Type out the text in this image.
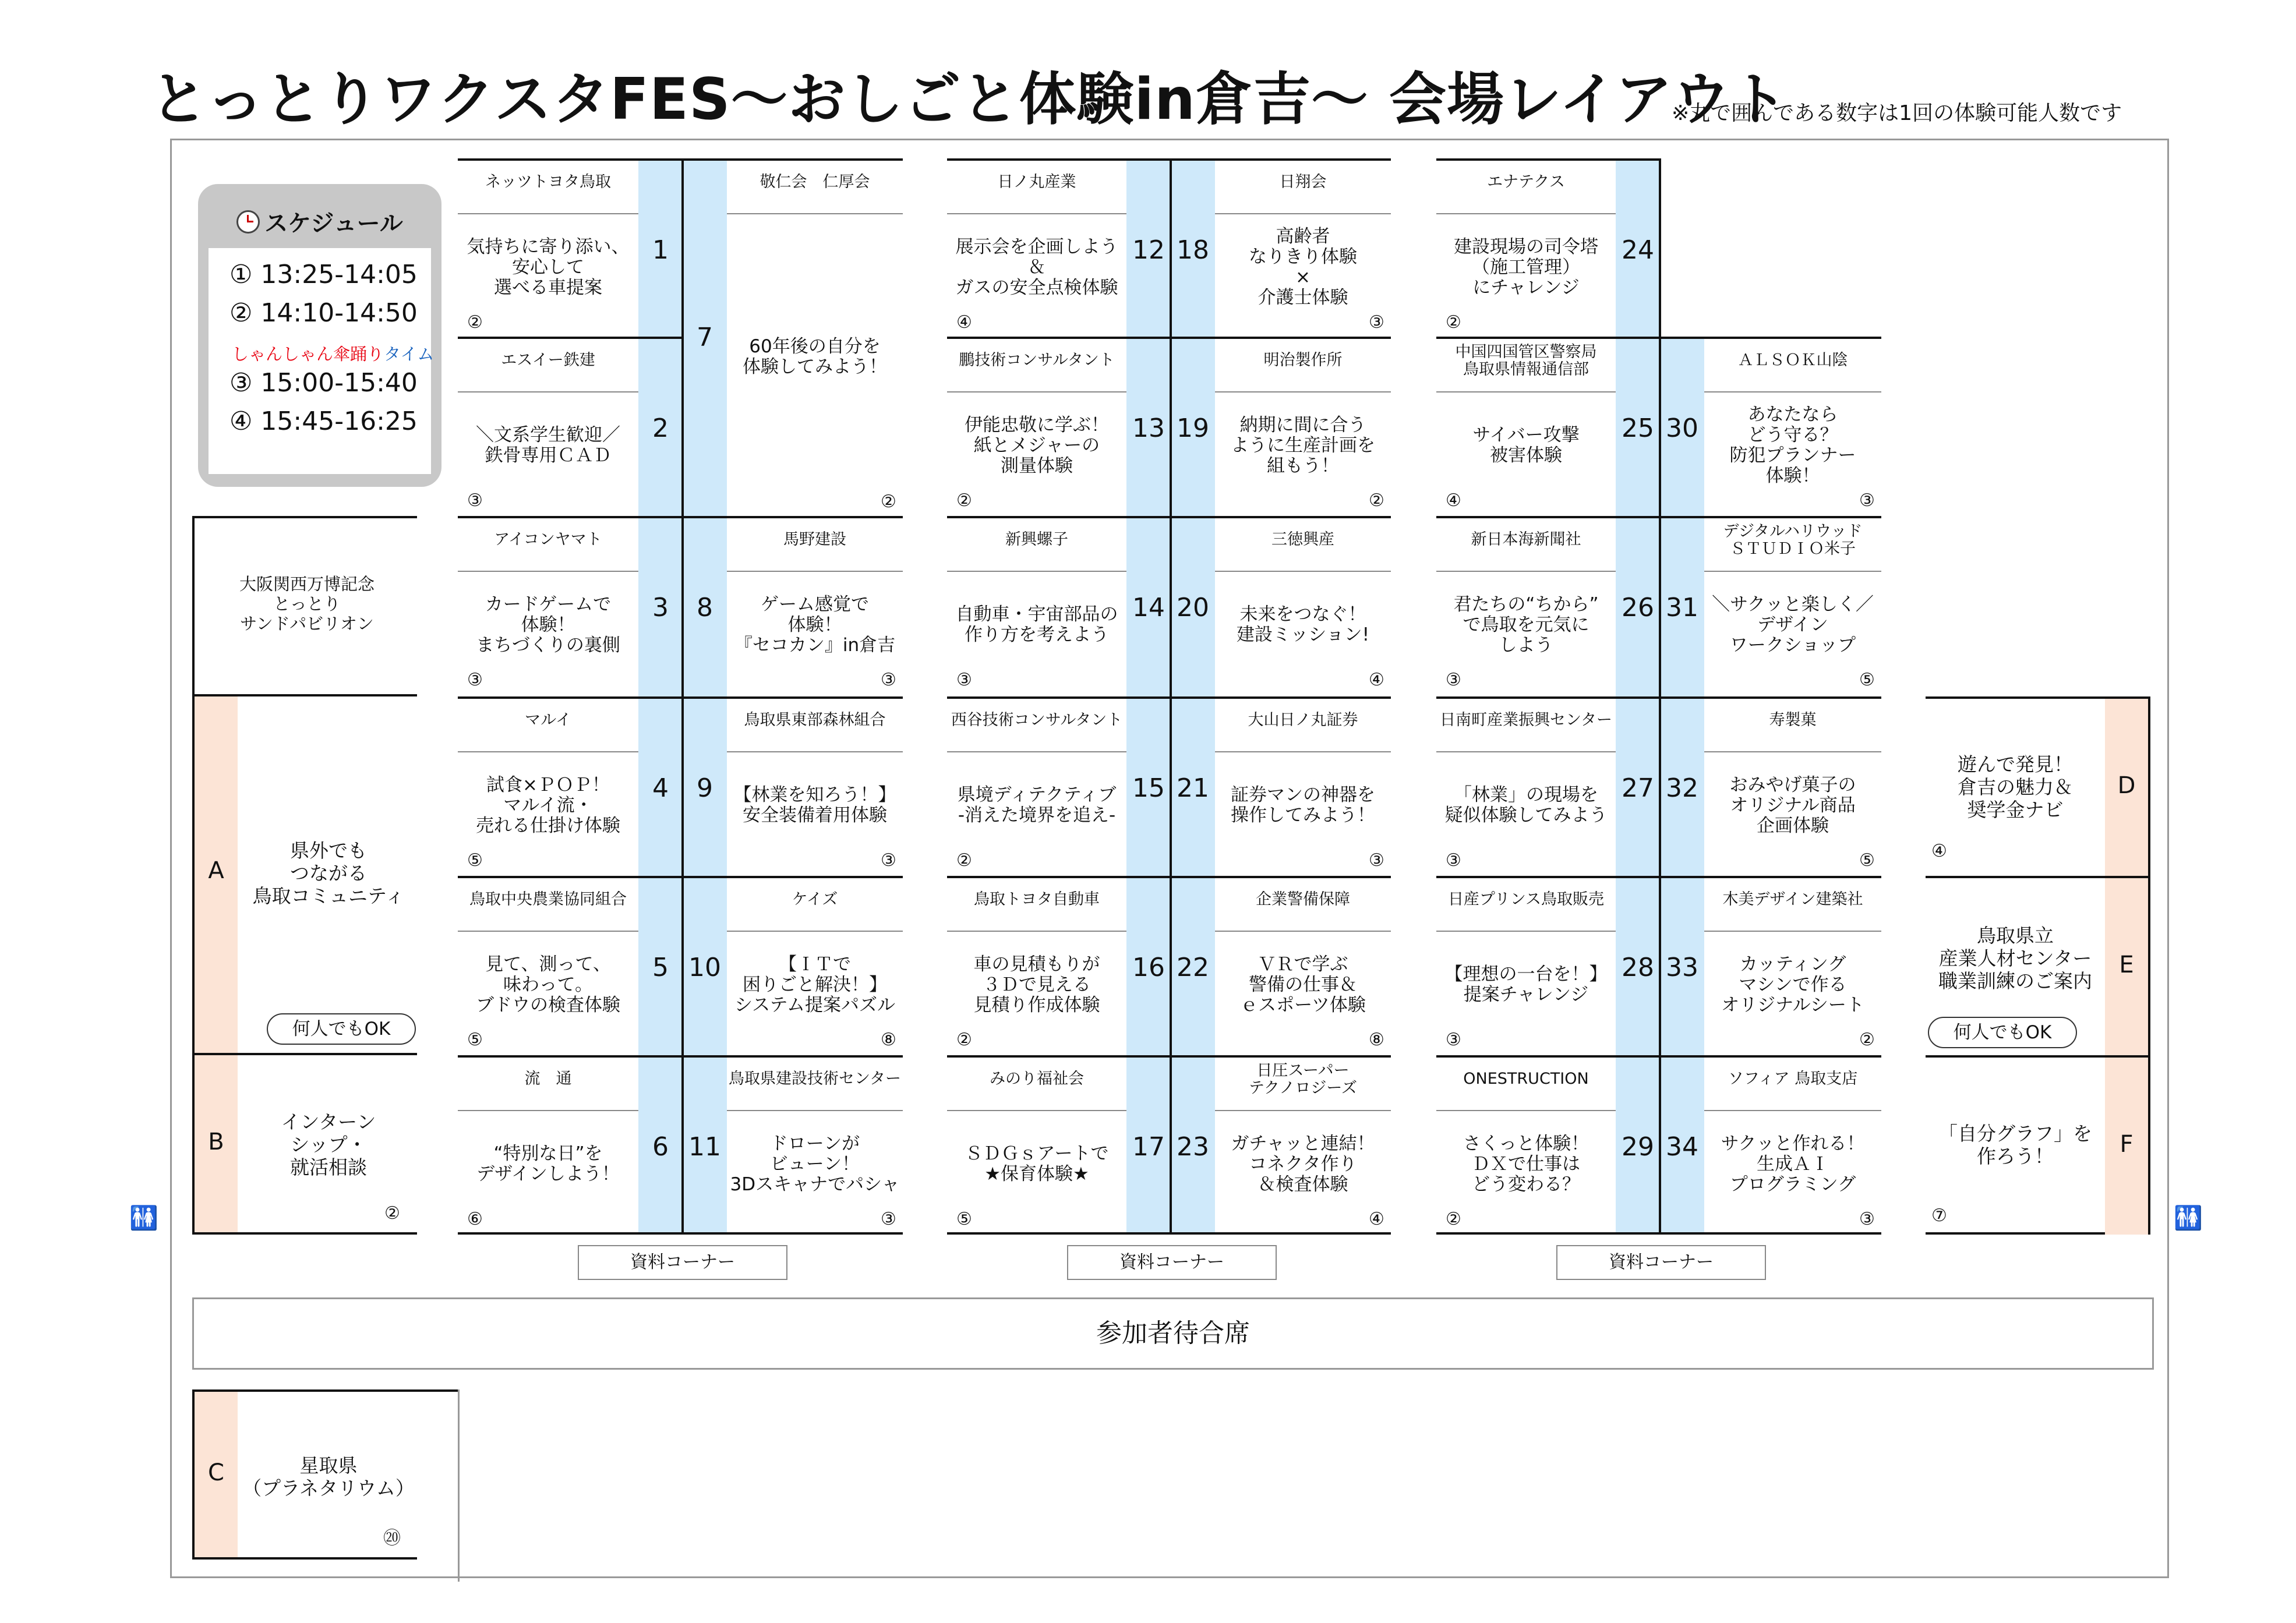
とっとりワクスタFES～おしごと体験in倉吉～ 会場レイアウト
※丸で囲んである数字は1回の体験可能人数です
スケジュール
① 13:25-14:05
② 14:10-14:50
しゃんしゃん傘踊りタイム
③ 15:00-15:40
④ 15:45-16:25
ネッツトヨタ鳥取
気持ちに寄り添い、
安心して
選べる車提案
②
1
エスイー鉄建
＼文系学生歓迎／
鉄骨専用ＣＡＤ
③
2
アイコンヤマト
カードゲームで
体験！
まちづくりの裏側
③
3
マルイ
試食×ＰＯＰ！
マルイ流・
売れる仕掛け体験
⑤
4
鳥取中央農業協同組合
見て、測って、
味わって。
ブドウの検査体験
⑤
5
流　通
“特別な日”を
デザインしよう！
⑥
6
敬仁会　仁厚会
60年後の自分を
体験してみよう！
②
7
馬野建設
ゲーム感覚で
体験！
『セコカン』in倉吉
③
8
鳥取県東部森林組合
【林業を知ろう！】
安全装備着用体験
③
9
ケイズ
【ＩＴで
困りごと解決！】
システム提案パズル
⑧
10
鳥取県建設技術センター
ドローンが
ビューン！
3Dスキャナでパシャ
③
11
日ノ丸産業
展示会を企画しよう
＆
ガスの安全点検体験
④
12
鵬技術コンサルタント
伊能忠敬に学ぶ！
紙とメジャーの
測量体験
②
13
新興螺子
自動車・宇宙部品の
作り方を考えよう
③
14
西谷技術コンサルタント
県境ディテクティブ
-消えた境界を追え-
②
15
鳥取トヨタ自動車
車の見積もりが
３Ｄで見える
見積り作成体験
②
16
みのり福祉会
ＳＤＧｓアートで
★保育体験★
⑤
17
日翔会
高齢者
なりきり体験
×
介護士体験
③
18
明治製作所
納期に間に合う
ように生産計画を
組もう！
②
19
三徳興産
未来をつなぐ！
建設ミッション!
④
20
大山日ノ丸証券
証券マンの神器を
操作してみよう！
③
21
企業警備保障
ＶＲで学ぶ
警備の仕事＆
ｅスポーツ体験
⑧
22
日圧スーパー
テクノロジーズ
ガチャッと連結！
コネクタ作り
＆検査体験
④
23
エナテクス
建設現場の司令塔
（施工管理）
にチャレンジ
②
24
中国四国管区警察局
鳥取県情報通信部
サイバー攻撃
被害体験
④
25
新日本海新聞社
君たちの“ちから”
で鳥取を元気に
しよう
③
26
日南町産業振興センター
「林業」の現場を
疑似体験してみよう
③
27
日産プリンス鳥取販売
【理想の一台を！】
提案チャレンジ
③
28
ONESTRUCTION
さくっと体験！
ＤＸで仕事は
どう変わる？
②
29
ＡＬＳＯＫ山陰
あなたなら
どう守る？
防犯プランナー
体験！
③
30
デジタルハリウッド
ＳＴＵＤＩＯ米子
＼サクッと楽しく／
デザイン
ワークショップ
⑤
31
寿製菓
おみやげ菓子の
オリジナル商品
企画体験
⑤
32
木美デザイン建築社
カッティング
マシンで作る
オリジナルシート
②
33
ソフィア 鳥取支店
サクッと作れる！
生成ＡＩ
プログラミング
③
34
大阪関西万博記念
とっとり
サンドパビリオン
A
県外でも
つながる
鳥取コミュニティ
何人でもOK
B
インターン
シップ・
就活相談
②
C	星取県
（プラネタリウム）
⑳
D
遊んで発見！
倉吉の魅力＆
奨学金ナビ
④
E
鳥取県立
産業人材センター
職業訓練のご案内
何人でもOK
F
「自分グラフ」を
作ろう！
⑦
資料コーナー	資料コーナー	資料コーナー
参加者待合席
🚻	🚻
